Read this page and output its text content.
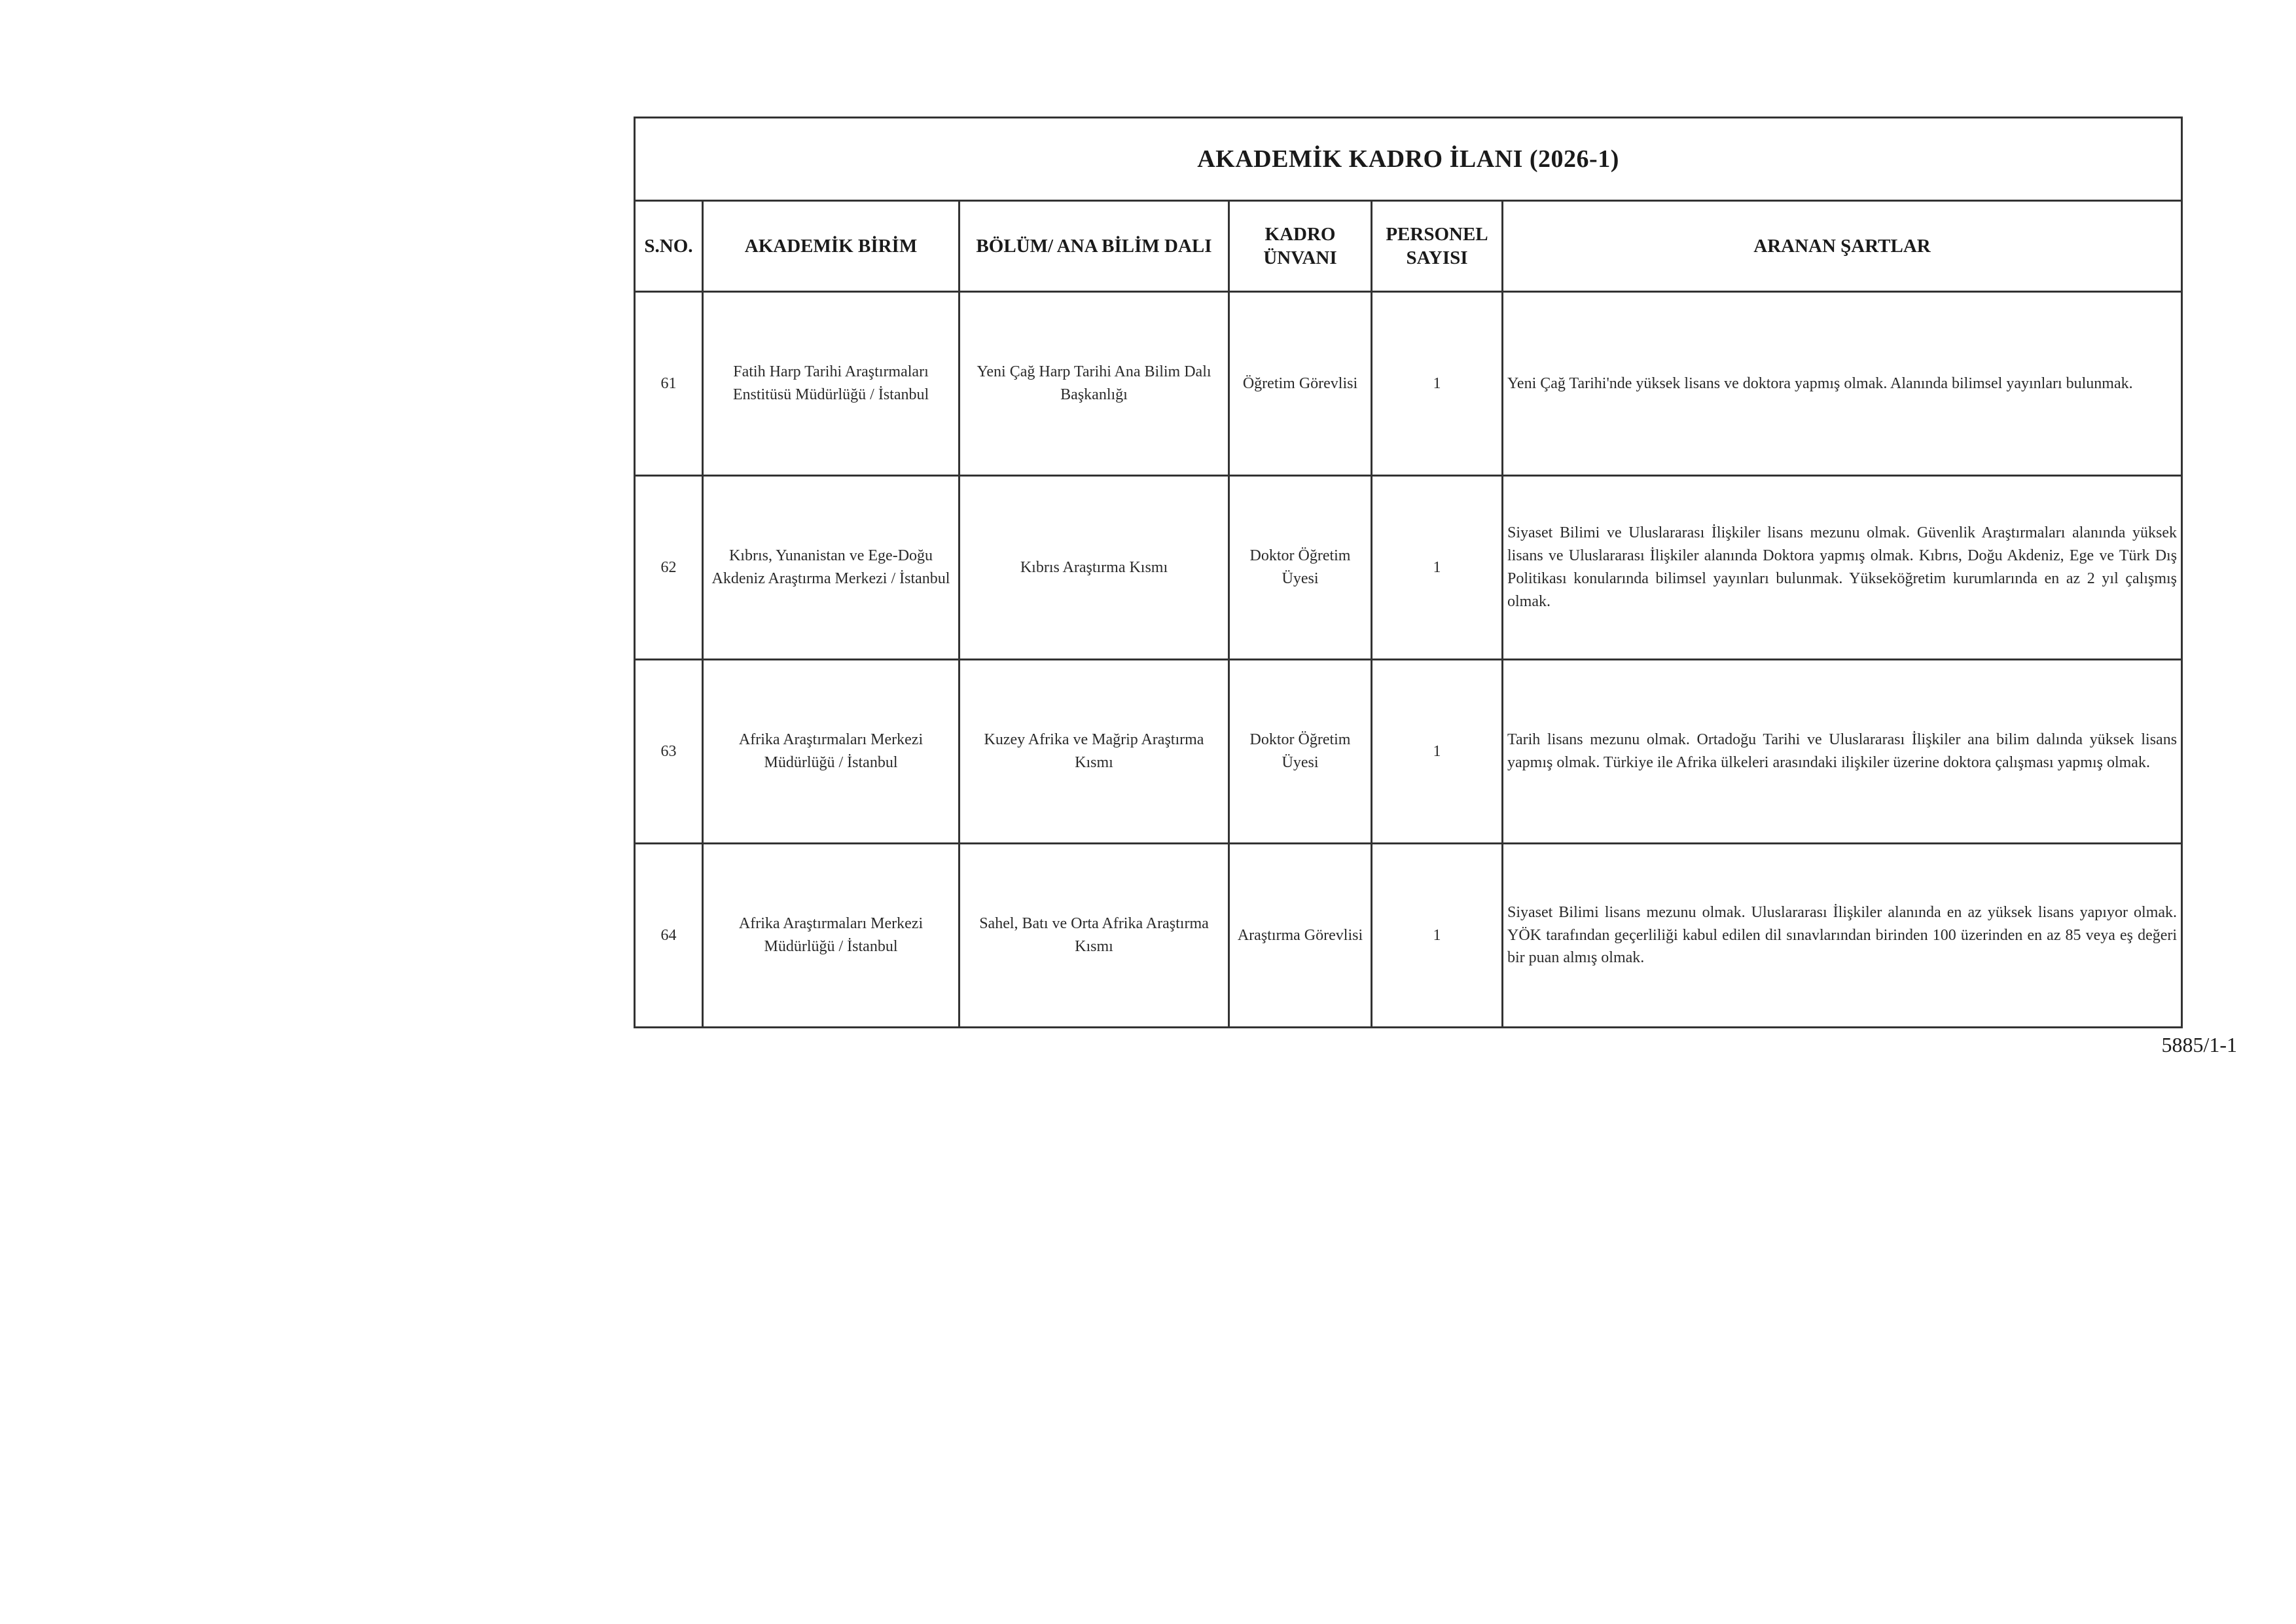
AKADEMİK KADRO İLANI (2026-1)					
S.NO.	AKADEMİK BİRİM	BÖLÜM/ ANA BİLİM DALI	KADRO ÜNVANI	PERSONEL SAYISI	ARANAN ŞARTLAR
61	Fatih Harp Tarihi Araştırmaları Enstitüsü Müdürlüğü / İstanbul	Yeni Çağ Harp Tarihi Ana Bilim Dalı Başkanlığı	Öğretim Görevlisi	1	Yeni Çağ Tarihi'nde yüksek lisans ve doktora yapmış olmak. Alanında bilimsel yayınları bulunmak.
62	Kıbrıs, Yunanistan ve Ege-Doğu Akdeniz Araştırma Merkezi / İstanbul	Kıbrıs Araştırma Kısmı	Doktor Öğretim Üyesi	1	Siyaset Bilimi ve Uluslararası İlişkiler lisans mezunu olmak. Güvenlik Araştırmaları alanında yüksek lisans ve Uluslararası İlişkiler alanında Doktora yapmış olmak. Kıbrıs, Doğu Akdeniz, Ege ve Türk Dış Politikası konularında bilimsel yayınları bulunmak. Yükseköğretim kurumlarında en az 2 yıl çalışmış olmak.
63	Afrika Araştırmaları Merkezi Müdürlüğü / İstanbul	Kuzey Afrika ve Mağrip Araştırma Kısmı	Doktor Öğretim Üyesi	1	Tarih lisans mezunu olmak. Ortadoğu Tarihi ve Uluslararası İlişkiler ana bilim dalında yüksek lisans yapmış olmak. Türkiye ile Afrika ülkeleri arasındaki ilişkiler üzerine doktora çalışması yapmış olmak.
64	Afrika Araştırmaları Merkezi Müdürlüğü / İstanbul	Sahel, Batı ve Orta Afrika Araştırma Kısmı	Araştırma Görevlisi	1	Siyaset Bilimi lisans mezunu olmak. Uluslararası İlişkiler alanında en az yüksek lisans yapıyor olmak. YÖK tarafından geçerliliği kabul edilen dil sınavlarından birinden 100 üzerinden en az 85 veya eş değeri bir puan almış olmak.
5885/1-1
